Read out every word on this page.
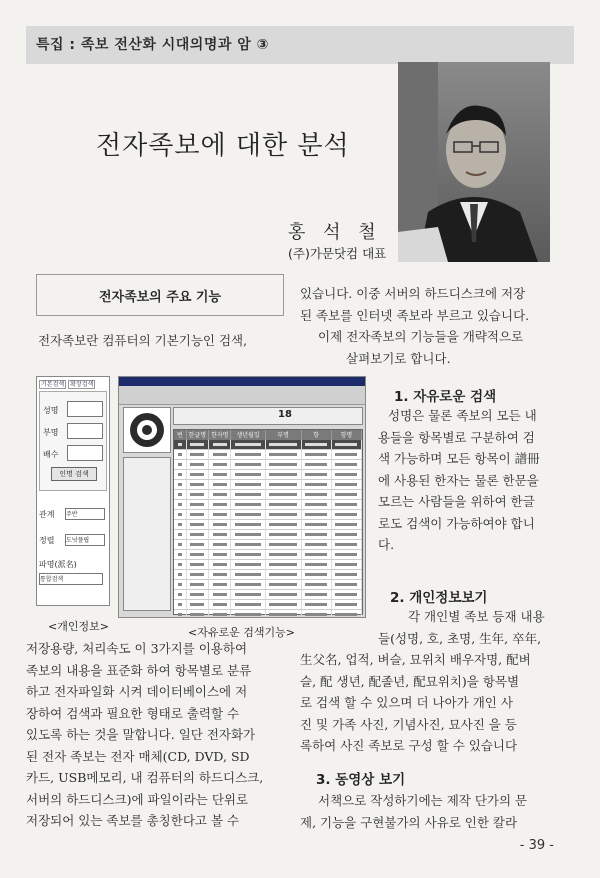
특집 : 족보 전산화 시대의명과 암 ③
전자족보에 대한 분석
홍 석 철
(주)가문닷컴 대표
전자족보의 주요 기능
전자족보란 컴퓨터의 기본기능인 검색,
기본검색 확장검색
성명
부명
배수
인명 검색
관계 주반
정렬 도넛플립
파명(派名)
통합검색
18
번 한글명 한자명	생년월일	부명	항	항명
<개인정보>	<자유로운 검색기능>
저장용량, 처리속도 이 3가지를 이용하여
족보의 내용을 표준화 하여 항목별로 분류
하고 전자파일화 시켜 데이터베이스에 저
장하여 검색과 필요한 형태로 출력할 수
있도록 하는 것을 말합니다. 일단 전자화가
된 전자 족보는 전자 매체(CD, DVD, SD
카드, USB메모리, 내 컴퓨터의 하드디스크,
서버의 하드디스크)에 파일이라는 단위로
저장되어 있는 족보를 총칭한다고 볼 수
있습니다. 이중 서버의 하드디스크에 저장
된 족보를 인터넷 족보라 부르고 있습니다.
이제 전자족보의 기능들을 개략적으로
살펴보기로 합니다.
1. 자유로운 검색
성명은 물론 족보의 모든 내
용들을 항목별로 구분하여 검
색 가능하며 모든 항목이 譜冊
에 사용된 한자는 물론 한문을
모르는 사람들을 위하여 한글
로도 검색이 가능하여야 합니
다.
2. 개인정보보기
각 개인별 족보 등재 내용
들(성명, 호, 초명, 生年, 卒年,
生父名, 업적, 벼슬, 묘위치 배우자명, 配벼
슬, 配 생년, 配졸년, 配묘위치)을 항목별
로 검색 할 수 있으며 더 나아가 개인 사
진 및 가족 사진, 기념사진, 묘사진 을 등
록하여 사진 족보로 구성 할 수 있습니다
3. 동영상 보기
서책으로 작성하기에는 제작 단가의 문
제, 기능을 구현불가의 사유로 인한 칼라
- 39 -
